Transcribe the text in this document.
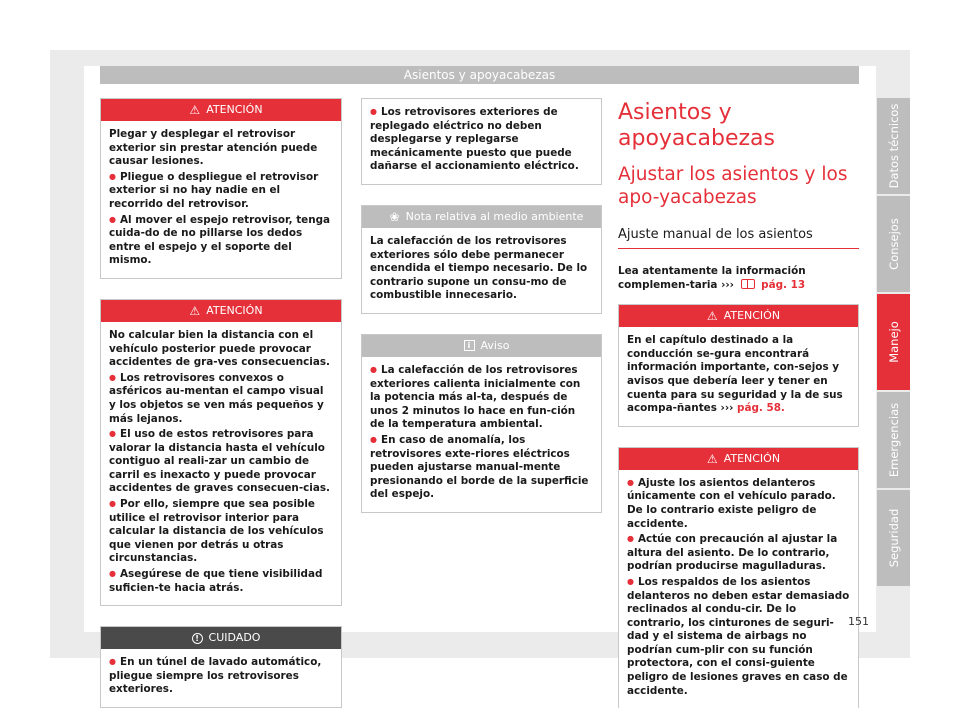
Asientos y apoyacabezas
⚠ ATENCIÓN

Plegar y desplegar el retrovisor exterior sin prestar atención puede causar lesiones.

● Pliegue o despliegue el retrovisor exterior si no hay nadie en el recorrido del retrovisor.

● Al mover el espejo retrovisor, tenga cuida-do de no pillarse los dedos entre el espejo y el soporte del mismo.

⚠ ATENCIÓN

No calcular bien la distancia con el vehículo posterior puede provocar accidentes de gra-ves consecuencias.

● Los retrovisores convexos o asféricos au-mentan el campo visual y los objetos se ven más pequeños y más lejanos.

● El uso de estos retrovisores para valorar la distancia hasta el vehículo contiguo al reali-zar un cambio de carril es inexacto y puede provocar accidentes de graves consecuen-cias.

● Por ello, siempre que sea posible utilice el retrovisor interior para calcular la distancia de los vehículos que vienen por detrás u otras circunstancias.

● Asegúrese de que tiene visibilidad suficien-te hacia atrás.

! CUIDADO

● En un túnel de lavado automático, pliegue siempre los retrovisores exteriores.

● Los retrovisores exteriores de replegado eléctrico no deben desplegarse y replegarse mecánicamente puesto que puede dañarse el accionamiento eléctrico.

❀ Nota relativa al medio ambiente

La calefacción de los retrovisores exteriores sólo debe permanecer encendida el tiempo necesario. De lo contrario supone un consu-mo de combustible innecesario.

i Aviso

● La calefacción de los retrovisores exteriores calienta inicialmente con la potencia más al-ta, después de unos 2 minutos lo hace en fun-ción de la temperatura ambiental.

● En caso de anomalía, los retrovisores exte-riores eléctricos pueden ajustarse manual-mente presionando el borde de la superficie del espejo.

Asientos y apoyacabezas
Ajustar los asientos y los apo-yacabezas
Ajuste manual de los asientos

Lea atentamente la información complemen-taria ›››	pág. 13

⚠ ATENCIÓN

En el capítulo destinado a la conducción se-gura encontrará información importante, con-sejos y avisos que debería leer y tener en cuenta para su seguridad y la de sus acompa-ñantes ››› pág. 58.

⚠ ATENCIÓN

● Ajuste los asientos delanteros únicamente con el vehículo parado. De lo contrario existe peligro de accidente.

● Actúe con precaución al ajustar la altura del asiento. De lo contrario, podrían producirse magulladuras.

● Los respaldos de los asientos delanteros no deben estar demasiado reclinados al condu-cir. De lo contrario, los cinturones de seguri-dad y el sistema de airbags no podrían cum-plir con su función protectora, con el consi-guiente peligro de lesiones graves en caso de accidente.

Datos técnicos
Consejos
Manejo
Emergencias
Seguridad
151
